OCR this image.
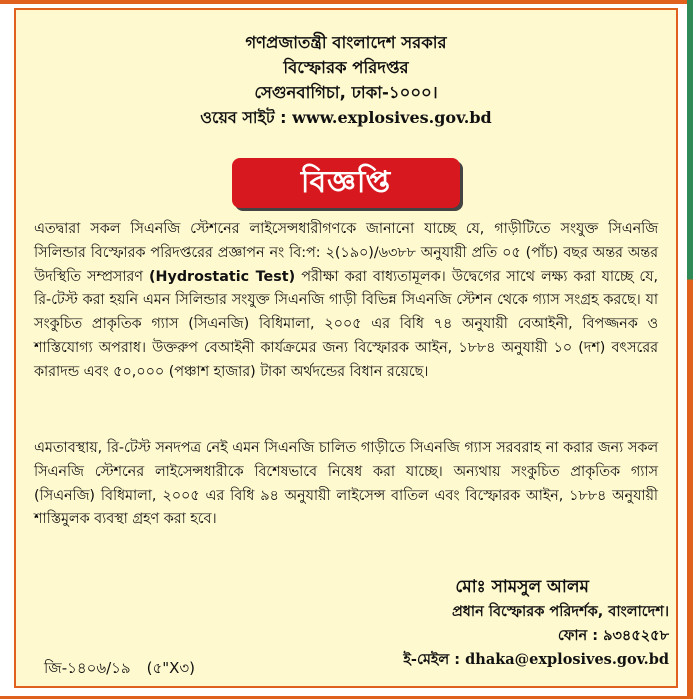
গণপ্রজাতন্ত্রী বাংলাদেশ সরকার
বিস্ফোরক পরিদপ্তর
সেগুনবাগিচা, ঢাকা-১০০০।
ওয়েব সাইট : www.explosives.gov.bd
বিজ্ঞপ্তি

এতদ্বারা সকল সিএনজি স্টেশনের লাইসেন্সধারীগণকে জানানো যাচ্ছে যে, গাড়ীটিতে সংযুক্ত সিএনজি সিলিন্ডার বিস্ফোরক পরিদপ্তরের প্রজ্ঞাপন নং বি:প: ২(১৯০)/৬৩৮৮ অনুযায়ী প্রতি ০৫ (পাঁচ) বছর অন্তর অন্তর উদস্থিতি সম্প্রসারণ (Hydrostatic Test) পরীক্ষা করা বাধ্যতামূলক। উদ্বেগের সাথে লক্ষ্য করা যাচ্ছে যে, রি-টেস্ট করা হয়নি এমন সিলিন্ডার সংযুক্ত সিএনজি গাড়ী বিভিন্ন সিএনজি স্টেশন থেকে গ্যাস সংগ্রহ করছে। যা সংকুচিত প্রাকৃতিক গ্যাস (সিএনজি) বিধিমালা, ২০০৫ এর বিধি ৭৪ অনুযায়ী বেআইনী, বিপজ্জনক ও শাস্তিযোগ্য অপরাধ। উক্তরুপ বেআইনী কার্যক্রমের জন্য বিস্ফোরক আইন, ১৮৮৪ অনুযায়ী ১০ (দশ) বৎসরের কারাদন্ড এবং ৫০,০০০ (পঞ্চাশ হাজার) টাকা অর্থদন্ডের বিধান রয়েছে।

এমতাবস্থায়, রি-টেস্ট সনদপত্র নেই এমন সিএনজি চালিত গাড়ীতে সিএনজি গ্যাস সরবরাহ না করার জন্য সকল সিএনজি স্টেশনের লাইসেন্সধারীকে বিশেষভাবে নিষেধ করা যাচ্ছে। অন্যথায় সংকুচিত প্রাকৃতিক গ্যাস (সিএনজি) বিধিমালা, ২০০৫ এর বিধি ৯৪ অনুযায়ী লাইসেন্স বাতিল এবং বিস্ফোরক আইন, ১৮৮৪ অনুযায়ী শাস্তিমুলক ব্যবস্থা গ্রহণ করা হবে।

জি-১৪০৬/১৯ (৫"X৩)
মোঃ সামসুল আলম
প্রধান বিস্ফোরক পরিদর্শক, বাংলাদেশ।
ফোন : ৯৩৪৫২৫৮
ই-মেইল : dhaka@explosives.gov.bd
